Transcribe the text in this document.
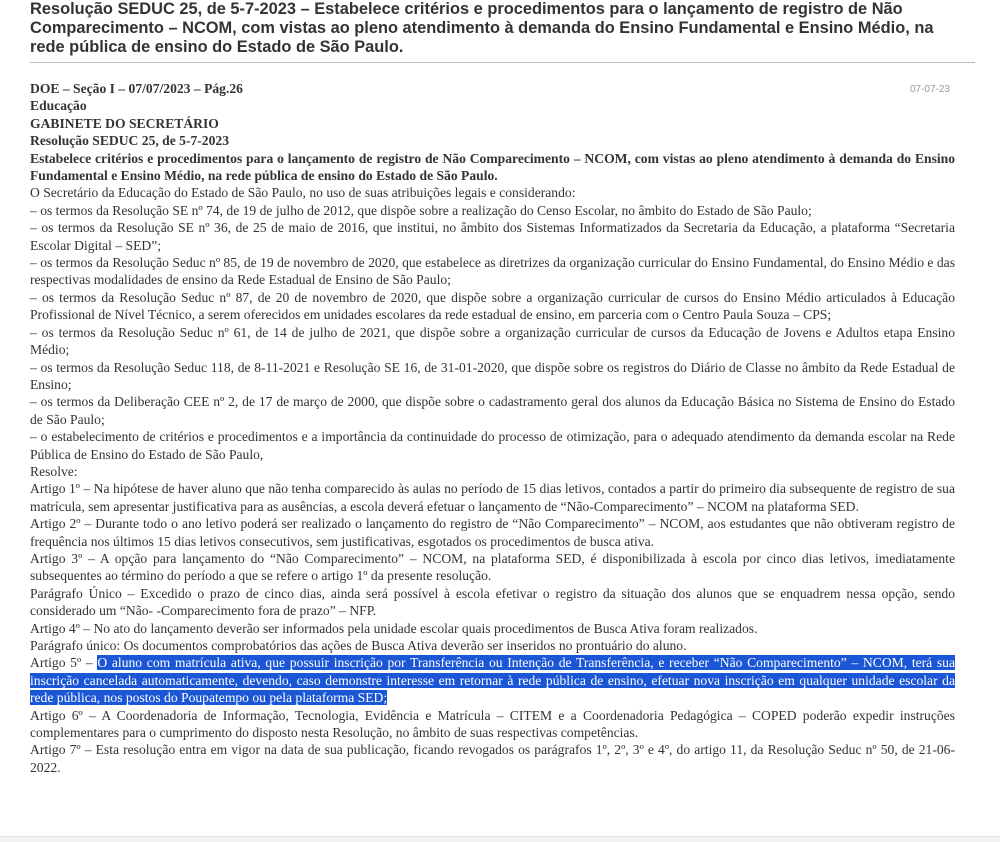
Resolução SEDUC 25, de 5-7-2023 – Estabelece critérios e procedimentos para o lançamento de registro de Não Comparecimento – NCOM, com vistas ao pleno atendimento à demanda do Ensino Fundamental e Ensino Médio, na rede pública de ensino do Estado de São Paulo.
07-07-23

DOE – Seção I – 07/07/2023 – Pág.26

Educação

GABINETE DO SECRETÁRIO

Resolução SEDUC 25, de 5-7-2023

Estabelece critérios e procedimentos para o lançamento de registro de Não Comparecimento – NCOM, com vistas ao pleno atendimento à demanda do Ensino Fundamental e Ensino Médio, na rede pública de ensino do Estado de São Paulo.

O Secretário da Educação do Estado de São Paulo, no uso de suas atribuições legais e considerando:

– os termos da Resolução SE nº 74, de 19 de julho de 2012, que dispõe sobre a realização do Censo Escolar, no âmbito do Estado de São Paulo;

– os termos da Resolução SE nº 36, de 25 de maio de 2016, que institui, no âmbito dos Sistemas Informatizados da Secretaria da Educação, a plataforma “Secretaria Escolar Digital – SED”;

– os termos da Resolução Seduc nº 85, de 19 de novembro de 2020, que estabelece as diretrizes da organização curricular do Ensino Fundamental, do Ensino Médio e das respectivas modalidades de ensino da Rede Estadual de Ensino de São Paulo;

– os termos da Resolução Seduc nº 87, de 20 de novembro de 2020, que dispõe sobre a organização curricular de cursos do Ensino Médio articulados à Educação Profissional de Nível Técnico, a serem oferecidos em unidades escolares da rede estadual de ensino, em parceria com o Centro Paula Souza – CPS;

– os termos da Resolução Seduc nº 61, de 14 de julho de 2021, que dispõe sobre a organização curricular de cursos da Educação de Jovens e Adultos etapa Ensino Médio;

– os termos da Resolução Seduc 118, de 8-11-2021 e Resolução SE 16, de 31-01-2020, que dispõe sobre os registros do Diário de Classe no âmbito da Rede Estadual de Ensino;

– os termos da Deliberação CEE nº 2, de 17 de março de 2000, que dispõe sobre o cadastramento geral dos alunos da Educação Básica no Sistema de Ensino do Estado de São Paulo;

– o estabelecimento de critérios e procedimentos e a importância da continuidade do processo de otimização, para o adequado atendimento da demanda escolar na Rede Pública de Ensino do Estado de São Paulo,

Resolve:

Artigo 1º – Na hipótese de haver aluno que não tenha comparecido às aulas no período de 15 dias letivos, contados a partir do primeiro dia subsequente de registro de sua matrícula, sem apresentar justificativa para as ausências, a escola deverá efetuar o lançamento de “Não-Comparecimento” – NCOM na plataforma SED.

Artigo 2º – Durante todo o ano letivo poderá ser realizado o lançamento do registro de “Não Comparecimento” – NCOM, aos estudantes que não obtiveram registro de frequência nos últimos 15 dias letivos consecutivos, sem justificativas, esgotados os procedimentos de busca ativa.

Artigo 3º – A opção para lançamento do “Não Comparecimento” – NCOM, na plataforma SED, é disponibilizada à escola por cinco dias letivos, imediatamente subsequentes ao término do período a que se refere o artigo 1º da presente resolução.

Parágrafo Único – Excedido o prazo de cinco dias, ainda será possível à escola efetivar o registro da situação dos alunos que se enquadrem nessa opção, sendo considerado um “Não- -Comparecimento fora de prazo” – NFP.

Artigo 4º – No ato do lançamento deverão ser informados pela unidade escolar quais procedimentos de Busca Ativa foram realizados.

Parágrafo único: Os documentos comprobatórios das ações de Busca Ativa deverão ser inseridos no prontuário do aluno.

Artigo 5º – O aluno com matrícula ativa, que possuir inscrição por Transferência ou Intenção de Transferência, e receber “Não Comparecimento” – NCOM, terá sua inscrição cancelada automaticamente, devendo, caso demonstre interesse em retornar à rede pública de ensino, efetuar nova inscrição em qualquer unidade escolar da rede pública, nos postos do Poupatempo ou pela plataforma SED;

Artigo 6º – A Coordenadoria de Informação, Tecnologia, Evidência e Matrícula – CITEM e a Coordenadoria Pedagógica – COPED poderão expedir instruções complementares para o cumprimento do disposto nesta Resolução, no âmbito de suas respectivas competências.

Artigo 7º – Esta resolução entra em vigor na data de sua publicação, ficando revogados os parágrafos 1º, 2º, 3º e 4º, do artigo 11, da Resolução Seduc nº 50, de 21-06-2022.
